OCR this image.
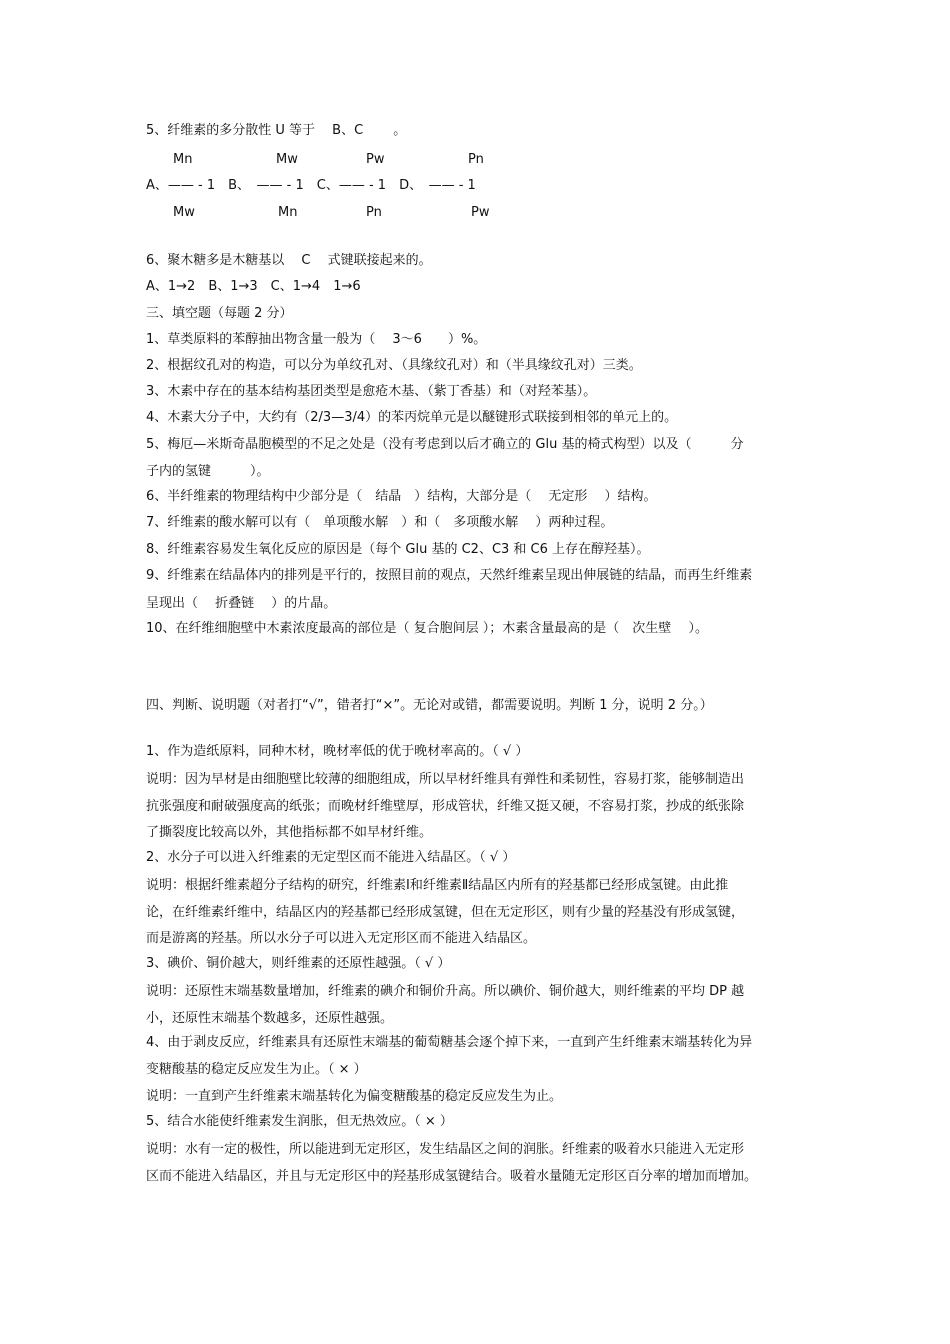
5、纤维素的多分散性 U 等于　 B、C　　 。
Mn	Mw	Pw	Pn
A、—— - 1　B、　—— - 1　C、—— - 1　D、　—— - 1
Mw	Mn	Pn	Pw
6、聚木糖多是木糖基以　 C　 式键联接起来的。
A、1→2　B、1→3　C、1→4　1→6
三、填空题（每题 2 分）
1、草类原料的苯醇抽出物含量一般为（　 3～6　　）%。
2、根据纹孔对的构造，可以分为单纹孔对、（具缘纹孔对）和（半具缘纹孔对）三类。
3、木素中存在的基本结构基团类型是愈疮木基、（紫丁香基）和（对羟苯基）。
4、木素大分子中，大约有（2/3—3/4）的苯丙烷单元是以醚键形式联接到相邻的单元上的。
5、梅厄—米斯奇晶胞模型的不足之处是（没有考虑到以后才确立的 Glu 基的椅式构型）以及（　　　分
子内的氢键　　　）。
6、半纤维素的物理结构中少部分是（　结晶　）结构，大部分是（　 无定形　 ）结构。
7、纤维素的酸水解可以有（　单项酸水解　）和（　多项酸水解　 ）两种过程。
8、纤维素容易发生氧化反应的原因是（每个 Glu 基的 C2、C3 和 C6 上存在醇羟基）。
9、纤维素在结晶体内的排列是平行的，按照目前的观点，天然纤维素呈现出伸展链的结晶，而再生纤维素
呈现出（　 折叠链　 ）的片晶。
10、在纤维细胞壁中木素浓度最高的部位是（ 复合胞间层 ）；木素含量最高的是（　次生壁　 ）。
四、判断、说明题（对者打“√”，错者打“×”。无论对或错，都需要说明。判断 1 分，说明 2 分。）
1、作为造纸原料，同种木材，晚材率低的优于晚材率高的。（ √ ）
说明：因为早材是由细胞壁比较薄的细胞组成，所以早材纤维具有弹性和柔韧性，容易打浆，能够制造出
抗张强度和耐破强度高的纸张；而晚材纤维壁厚，形成管状，纤维又挺又硬，不容易打浆，抄成的纸张除
了撕裂度比较高以外，其他指标都不如早材纤维。
2、水分子可以进入纤维素的无定型区而不能进入结晶区。（ √ ）
说明：根据纤维素超分子结构的研究，纤维素Ⅰ和纤维素Ⅱ结晶区内所有的羟基都已经形成氢键。由此推
论，在纤维素纤维中，结晶区内的羟基都已经形成氢键，但在无定形区，则有少量的羟基没有形成氢键，
而是游离的羟基。所以水分子可以进入无定形区而不能进入结晶区。
3、碘价、铜价越大，则纤维素的还原性越强。（ √ ）
说明：还原性末端基数量增加，纤维素的碘介和铜价升高。所以碘价、铜价越大，则纤维素的平均 DP 越
小，还原性末端基个数越多，还原性越强。
4、由于剥皮反应，纤维素具有还原性末端基的葡萄糖基会逐个掉下来，一直到产生纤维素末端基转化为异
变糖酸基的稳定反应发生为止。（ × ）
说明：一直到产生纤维素末端基转化为偏变糖酸基的稳定反应发生为止。
5、结合水能使纤维素发生润胀，但无热效应。（ × ）
说明：水有一定的极性，所以能进到无定形区，发生结晶区之间的润胀。纤维素的吸着水只能进入无定形
区而不能进入结晶区，并且与无定形区中的羟基形成氢键结合。吸着水量随无定形区百分率的增加而增加。
